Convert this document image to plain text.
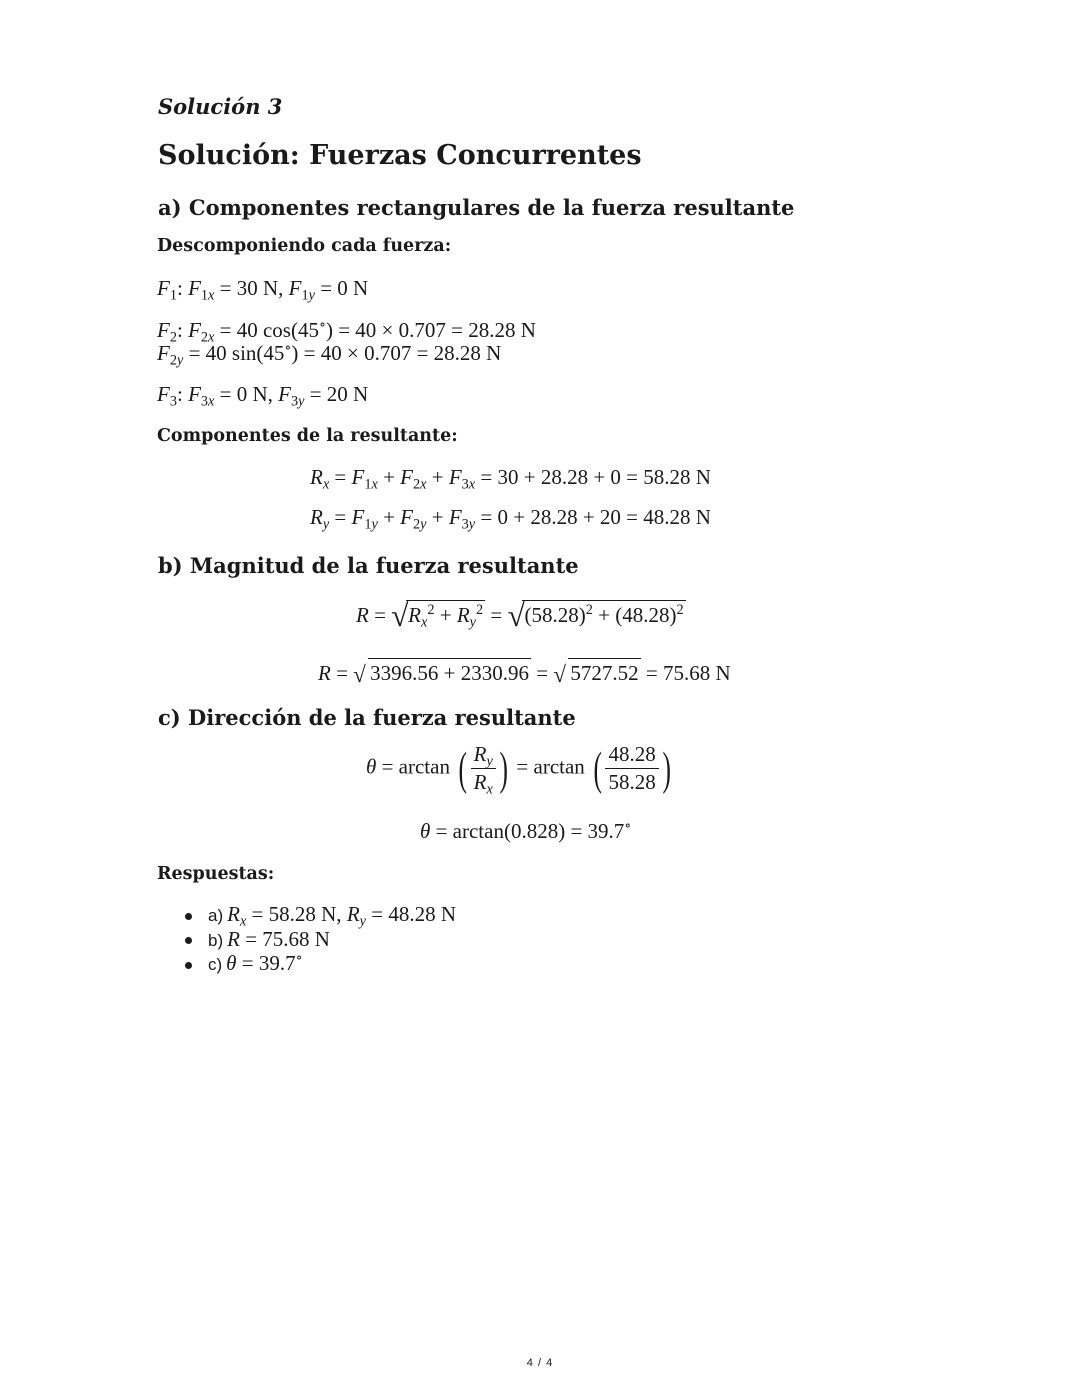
Solución 3
Solución: Fuerzas Concurrentes
a) Componentes rectangulares de la fuerza resultante
Descomponiendo cada fuerza:
$F_1$: $F_{1x} = 30$ N, $F_{1y} = 0$ N
$F_2$: $F_{2x} = 40$ cos(45∘) = 40 × 0.707 = 28.28 N
$F_{2y} = 40$ sin(45∘) = 40 × 0.707 = 28.28 N
$F_3$: $F_{3x} = 0$ N, $F_{3y} = 20$ N
Componentes de la resultante:
$R_x = F_{1x} + F_{2x} + F_{3x} = 30 + 28.28 + 0 = 58.28$ N
$R_y = F_{1y} + F_{2y} + F_{3y} = 0 + 28.28 + 20 = 48.28$ N
b) Magnitud de la fuerza resultante
R = √ $R_x^2 + R_y^2$ = √ $(58.28)^2 + (48.28)^2$
R = √ 3396.56 + 2330.96 = √ 5727.52 = 75.68 N
c) Dirección de la fuerza resultante
θ = arctan ( $\frac{R_y}{R_x}$ ) = arctan ( $\frac{48.28}{58.28}$ )
θ = arctan(0.828) = 39.7∘
Respuestas:
a) $R_x = 58.28$ N, $R_y = 48.28$ N
b) R = 75.68 N
c) θ = 39.7∘
4 / 4
